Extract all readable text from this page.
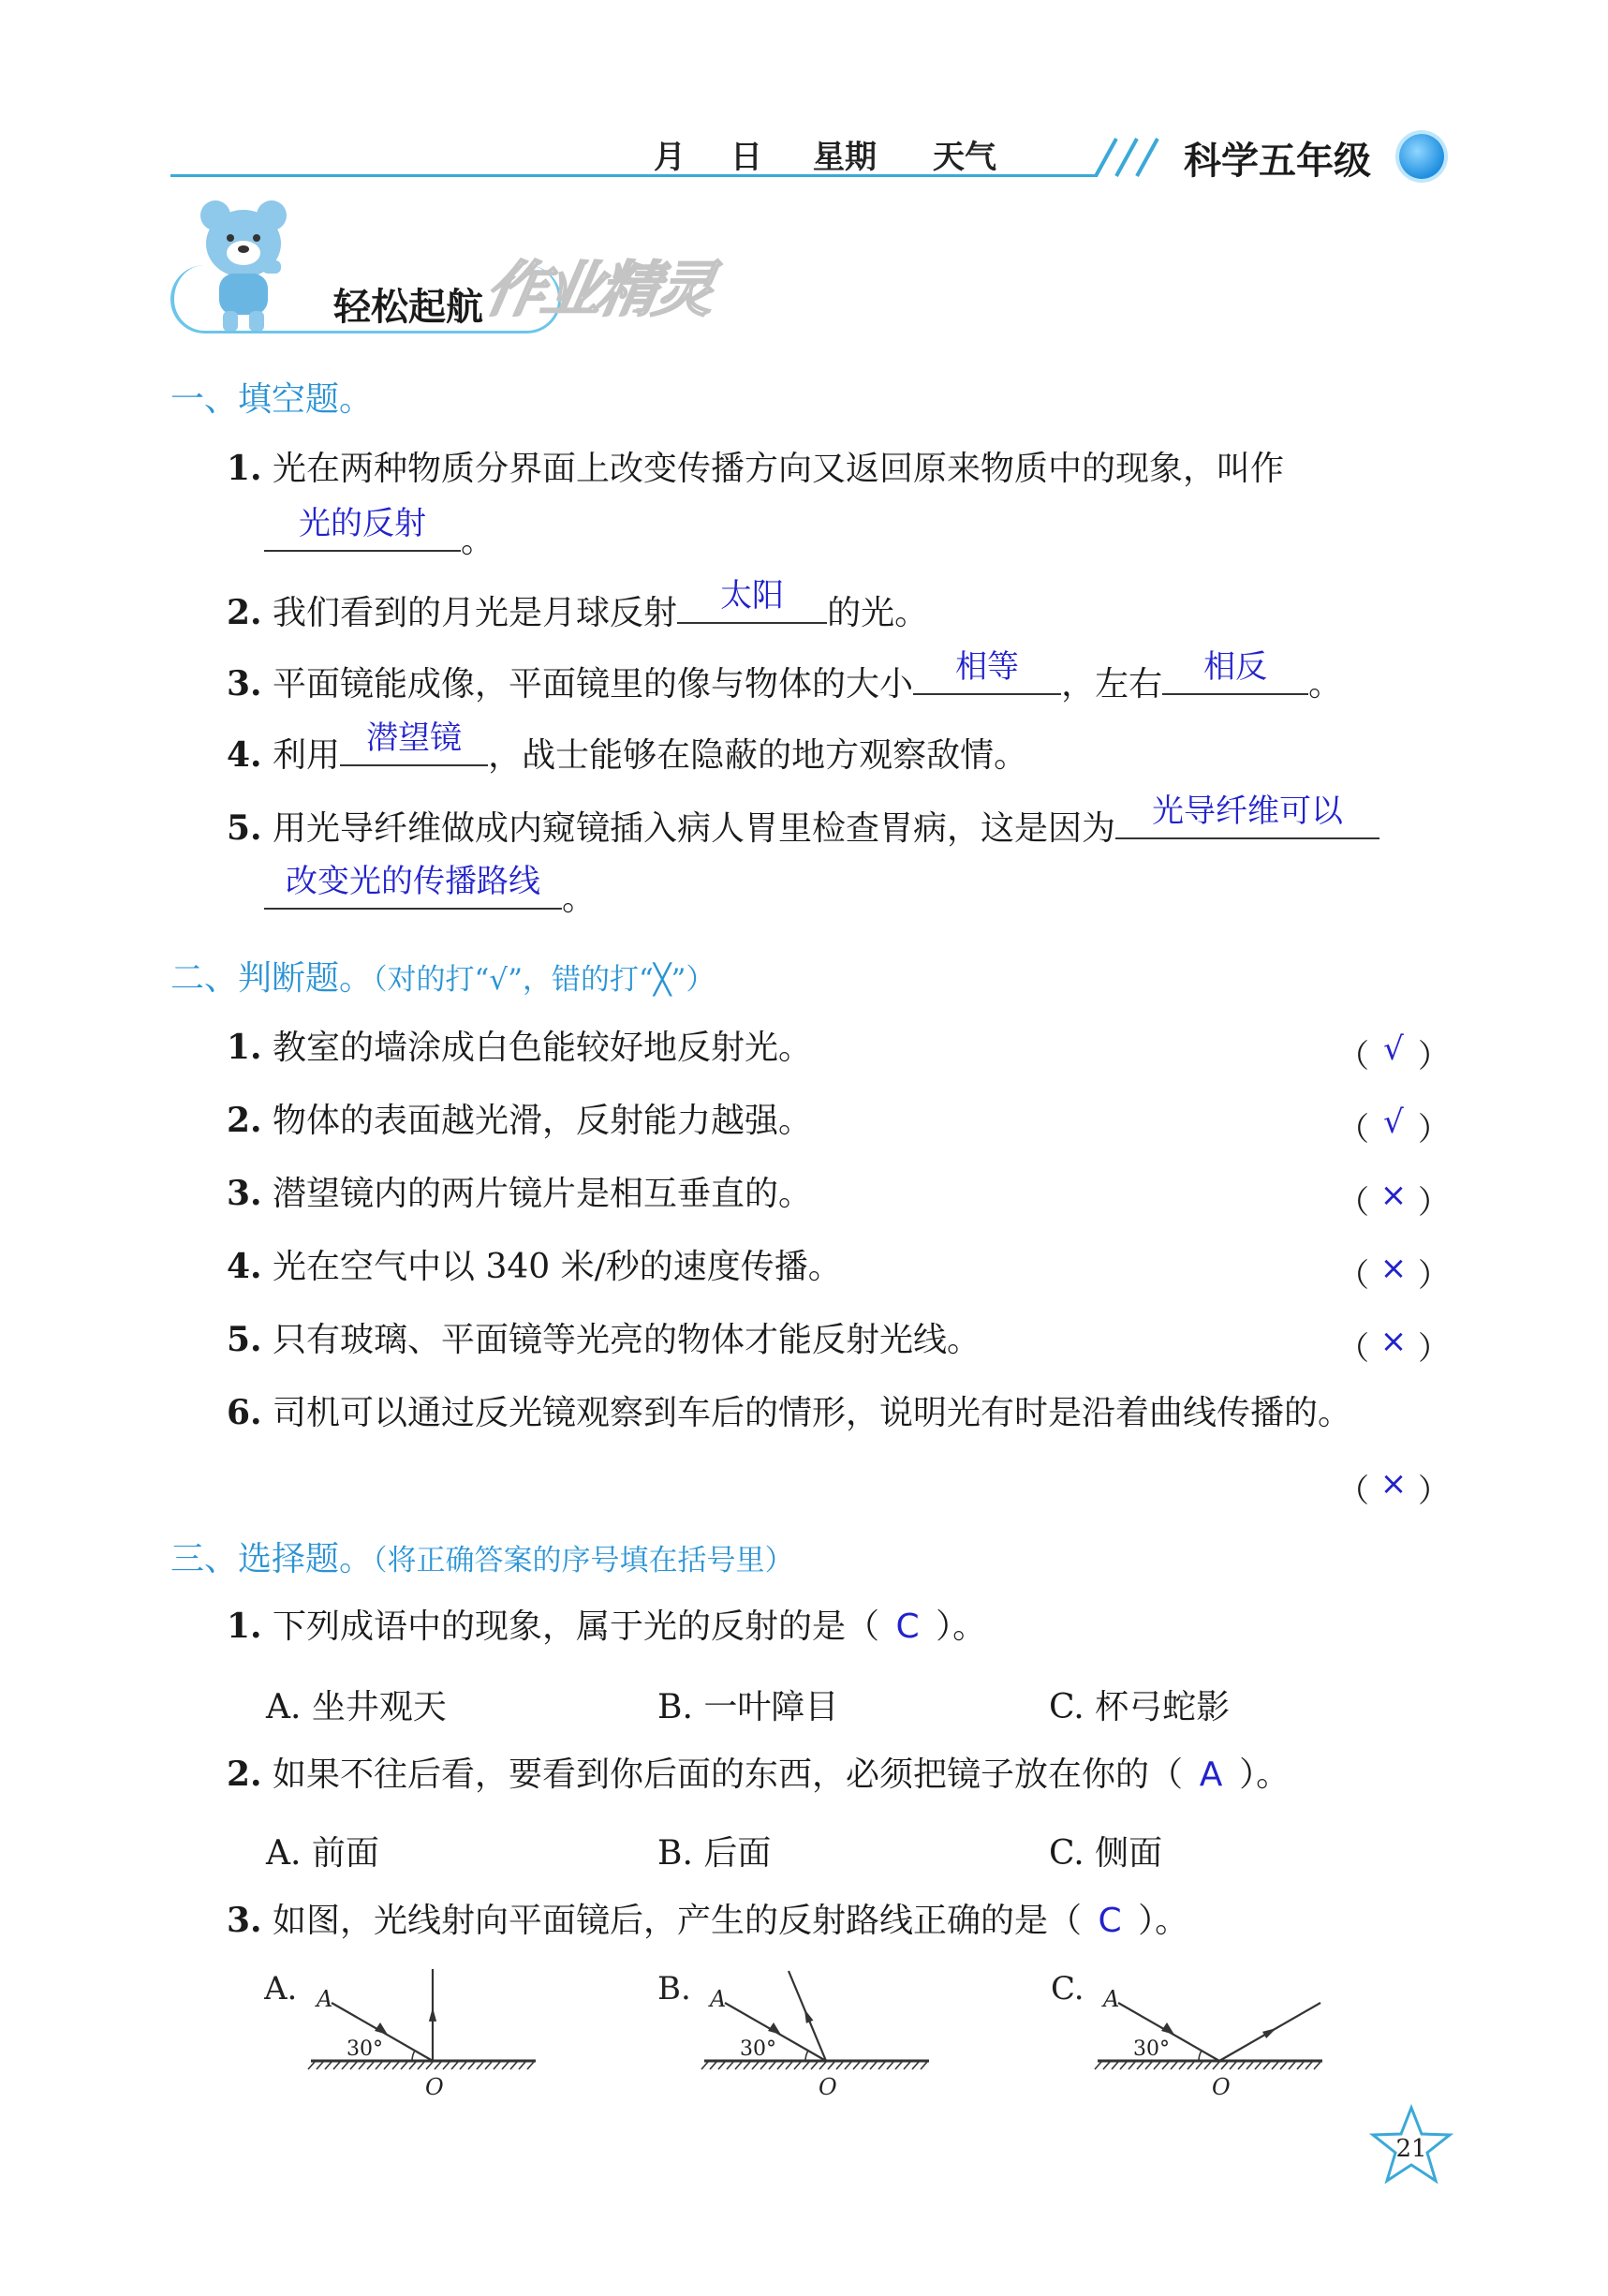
月 日 星期 天气	科学五年级
轻松起航
作业精灵
一、填空题。
1. 光在两种物质分界面上改变传播方向又返回原来物质中的现象，叫作
光的反射	。
2. 我们看到的月光是月球反射	太阳	的光。
3. 平面镜能成像，平面镜里的像与物体的大小	相等	，左右	相反	。
4. 利用 潜望镜 ，战士能够在隐蔽的地方观察敌情。
5. 用光导纤维做成内窥镜插入病人胃里检查胃病，这是因为	光导纤维可以
改变光的传播路线 。
二、判断题。（对的打“√”，错的打“╳”）
1. 教室的墙涂成白色能较好地反射光。	（ √ ）
2. 物体的表面越光滑，反射能力越强。	（ √ ）
3. 潜望镜内的两片镜片是相互垂直的。	（ × ）
4. 光在空气中以 340 米/秒的速度传播。	（ × ）
5. 只有玻璃、平面镜等光亮的物体才能反射光线。	（ × ）
6. 司机可以通过反光镜观察到车后的情形，说明光有时是沿着曲线传播的。
（ × ）
三、选择题。（将正确答案的序号填在括号里）
1. 下列成语中的现象，属于光的反射的是（ C ）。
A. 坐井观天	B. 一叶障目	C. 杯弓蛇影
2. 如果不往后看，要看到你后面的东西，必须把镜子放在你的（ A ）。
A. 前面	B. 后面	C. 侧面
3. 如图，光线射向平面镜后，产生的反射路线正确的是（ C ）。
A. A
30°
O
B. A
30°
O
C. A
30°
O
21
